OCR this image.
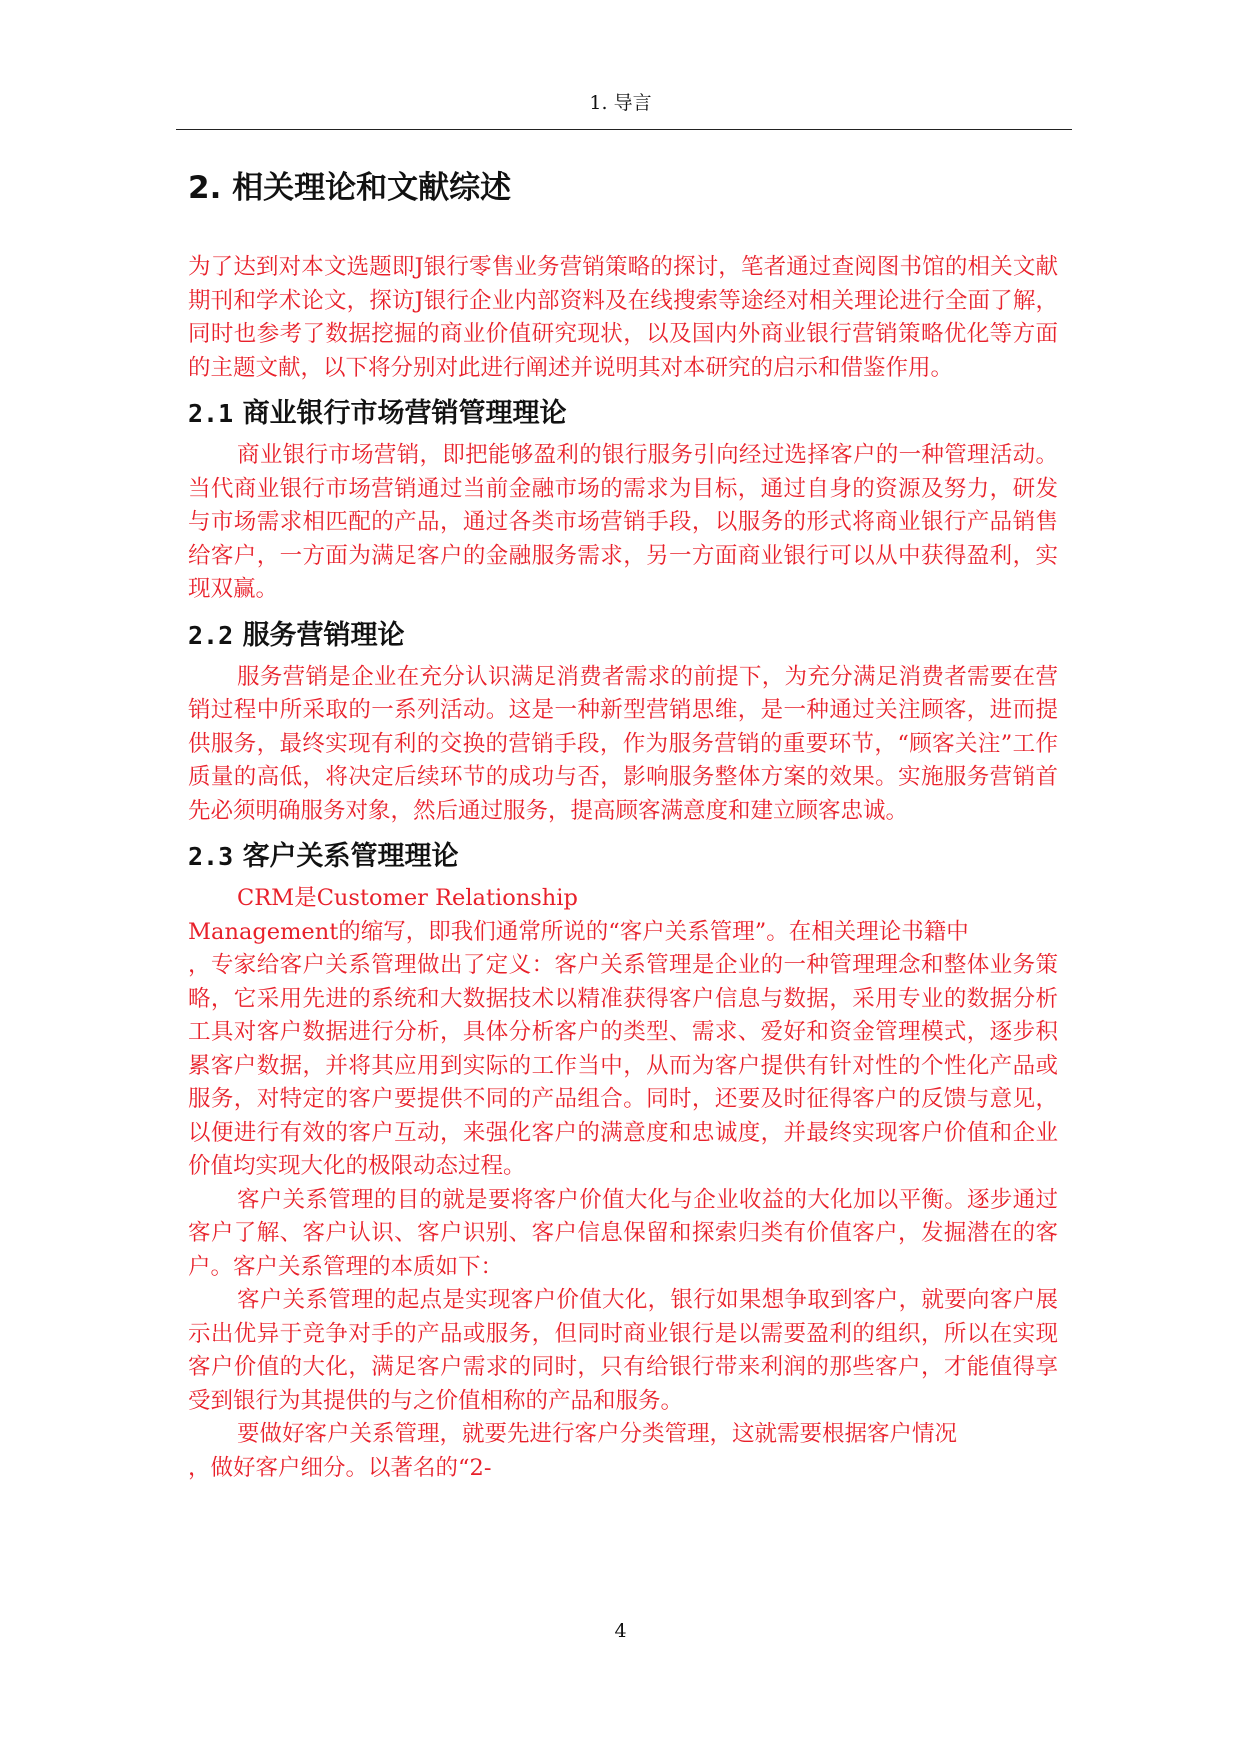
1. 导言
2. 相关理论和文献综述

为了达到对本文选题即J银行零售业务营销策略的探讨，笔者通过查阅图书馆的相关文献期刊和学术论文，探访J银行企业内部资料及在线搜索等途经对相关理论进行全面了解，同时也参考了数据挖掘的商业价值研究现状，以及国内外商业银行营销策略优化等方面的主题文献，以下将分别对此进行阐述并说明其对本研究的启示和借鉴作用。

2.1 商业银行市场营销管理理论

商业银行市场营销，即把能够盈利的银行服务引向经过选择客户的一种管理活动。当代商业银行市场营销通过当前金融市场的需求为目标，通过自身的资源及努力，研发与市场需求相匹配的产品，通过各类市场营销手段，以服务的形式将商业银行产品销售给客户，一方面为满足客户的金融服务需求，另一方面商业银行可以从中获得盈利，实现双赢。

2.2 服务营销理论

服务营销是企业在充分认识满足消费者需求的前提下，为充分满足消费者需要在营销过程中所采取的一系列活动。这是一种新型营销思维，是一种通过关注顾客，进而提供服务，最终实现有利的交换的营销手段，作为服务营销的重要环节，“顾客关注”工作质量的高低，将决定后续环节的成功与否，影响服务整体方案的效果。实施服务营销首先必须明确服务对象，然后通过服务，提高顾客满意度和建立顾客忠诚。

2.3 客户关系管理理论

CRM是Customer Relationship

Management的缩写，即我们通常所说的“客户关系管理”。在相关理论书籍中

，专家给客户关系管理做出了定义：客户关系管理是企业的一种管理理念和整体业务策略，它采用先进的系统和大数据技术以精准获得客户信息与数据，采用专业的数据分析工具对客户数据进行分析，具体分析客户的类型、需求、爱好和资金管理模式，逐步积累客户数据，并将其应用到实际的工作当中，从而为客户提供有针对性的个性化产品或服务，对特定的客户要提供不同的产品组合。同时，还要及时征得客户的反馈与意见，以便进行有效的客户互动，来强化客户的满意度和忠诚度，并最终实现客户价值和企业价值均实现大化的极限动态过程。

客户关系管理的目的就是要将客户价值大化与企业收益的大化加以平衡。逐步通过客户了解、客户认识、客户识别、客户信息保留和探索归类有价值客户，发掘潜在的客户。客户关系管理的本质如下：

客户关系管理的起点是实现客户价值大化，银行如果想争取到客户，就要向客户展示出优异于竞争对手的产品或服务，但同时商业银行是以需要盈利的组织，所以在实现客户价值的大化，满足客户需求的同时，只有给银行带来利润的那些客户，才能值得享受到银行为其提供的与之价值相称的产品和服务。

要做好客户关系管理，就要先进行客户分类管理，这就需要根据客户情况

，做好客户细分。以著名的“2-

4
